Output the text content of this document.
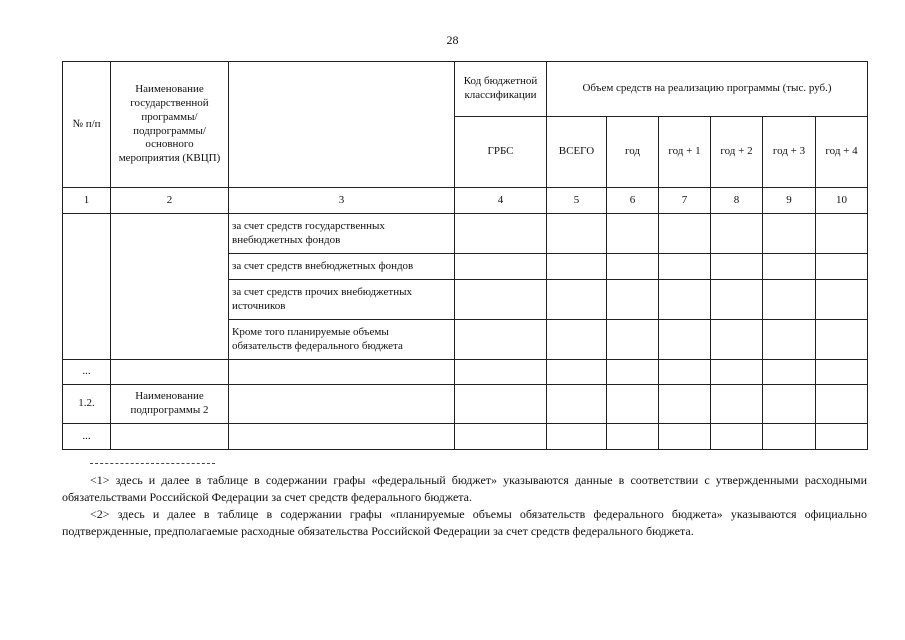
28
№ п/п	Наименование государственной программы/ подпрограммы/ основного мероприятия (КВЦП)		Код бюджетной классификации	Объем средств на реализацию программы (тыс. руб.)					
			ГРБС	ВСЕГО	год	год + 1	год + 2	год + 3	год + 4
1	2	3	4	5	6	7	8	9	10
		за счет средств государственных внебюджетных фондов							
		за счет средств внебюджетных фондов							
		за счет средств прочих внебюджетных источников							
		Кроме того планируемые объемы обязательств федерального бюджета							
...									
1.2.	Наименование подпрограммы 2								
...									

<1> здесь и далее в таблице в содержании графы «федеральный бюджет» указываются данные в соответствии с утвержденными расходными обязательствами Российской Федерации за счет средств федерального бюджета.

<2> здесь и далее в таблице в содержании графы «планируемые объемы обязательств федерального бюджета» указываются официально подтвержденные, предполагаемые расходные обязательства Российской Федерации за счет средств федерального бюджета.
